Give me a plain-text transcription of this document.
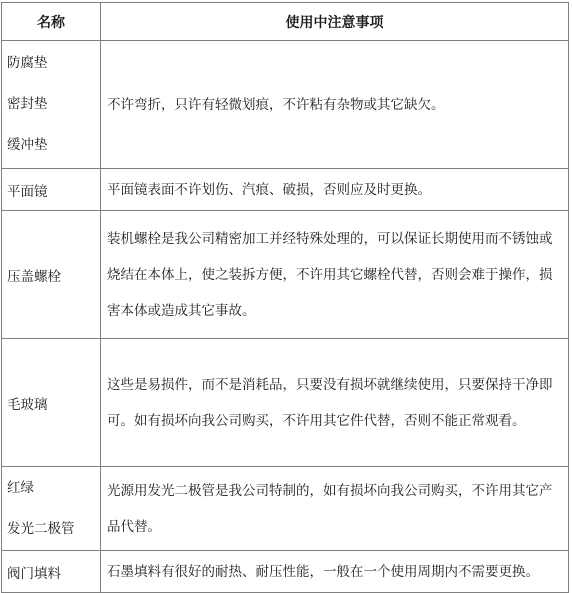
名称	使用中注意事项

防腐垫
密封垫
缓冲垫	不许弯折，只许有轻微划痕，不许粘有杂物或其它缺欠。
平面镜	平面镜表面不许划伤、汽痕、破损，否则应及时更换。
压盖螺栓	装机螺栓是我公司精密加工并经特殊处理的，可以保证长期使用而不锈蚀或烧结在本体上，使之装拆方便，不许用其它螺栓代替，否则会难于操作，损害本体或造成其它事故。
毛玻璃	这些是易损件，而不是消耗品，只要没有损坏就继续使用，只要保持干净即可。如有损坏向我公司购买，不许用其它件代替，否则不能正常观看。

红绿
发光二极管	光源用发光二极管是我公司特制的，如有损坏向我公司购买，不许用其它产品代替。
阀门填料	石墨填料有很好的耐热、耐压性能，一般在一个使用周期内不需要更换。
